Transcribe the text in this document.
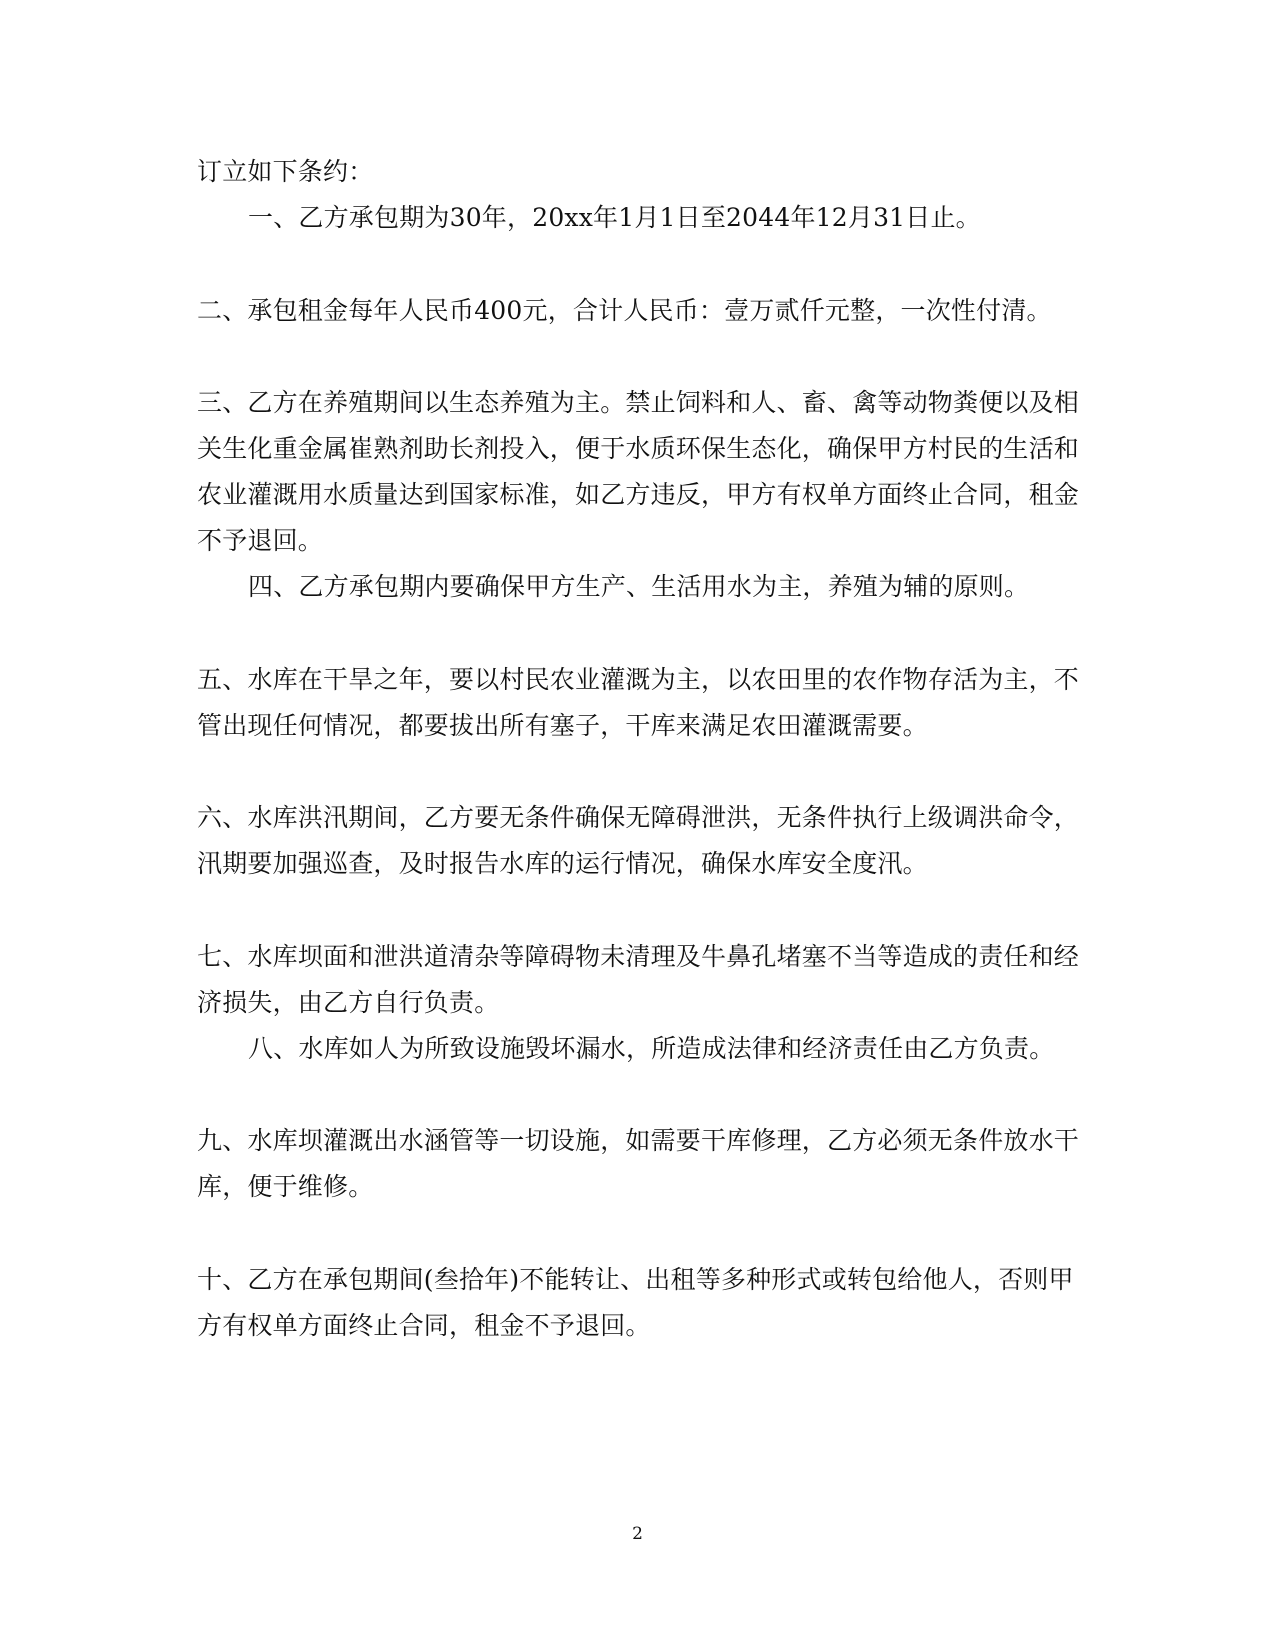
订立如下条约：
一、乙方承包期为30年，20xx年1月1日至2044年12月31日止。
二、承包租金每年人民币400元，合计人民币：壹万贰仟元整，一次性付清。
三、乙方在养殖期间以生态养殖为主。禁止饲料和人、畜、禽等动物粪便以及相
关生化重金属崔熟剂助长剂投入，便于水质环保生态化，确保甲方村民的生活和
农业灌溉用水质量达到国家标准，如乙方违反，甲方有权单方面终止合同，租金
不予退回。
四、乙方承包期内要确保甲方生产、生活用水为主，养殖为辅的原则。
五、水库在干旱之年，要以村民农业灌溉为主，以农田里的农作物存活为主，不
管出现任何情况，都要拔出所有塞子，干库来满足农田灌溉需要。
六、水库洪汛期间，乙方要无条件确保无障碍泄洪，无条件执行上级调洪命令，
汛期要加强巡查，及时报告水库的运行情况，确保水库安全度汛。
七、水库坝面和泄洪道清杂等障碍物未清理及牛鼻孔堵塞不当等造成的责任和经
济损失，由乙方自行负责。
八、水库如人为所致设施毁坏漏水，所造成法律和经济责任由乙方负责。
九、水库坝灌溉出水涵管等一切设施，如需要干库修理，乙方必须无条件放水干
库，便于维修。
十、乙方在承包期间(叁拾年)不能转让、出租等多种形式或转包给他人，否则甲
方有权单方面终止合同，租金不予退回。
2
